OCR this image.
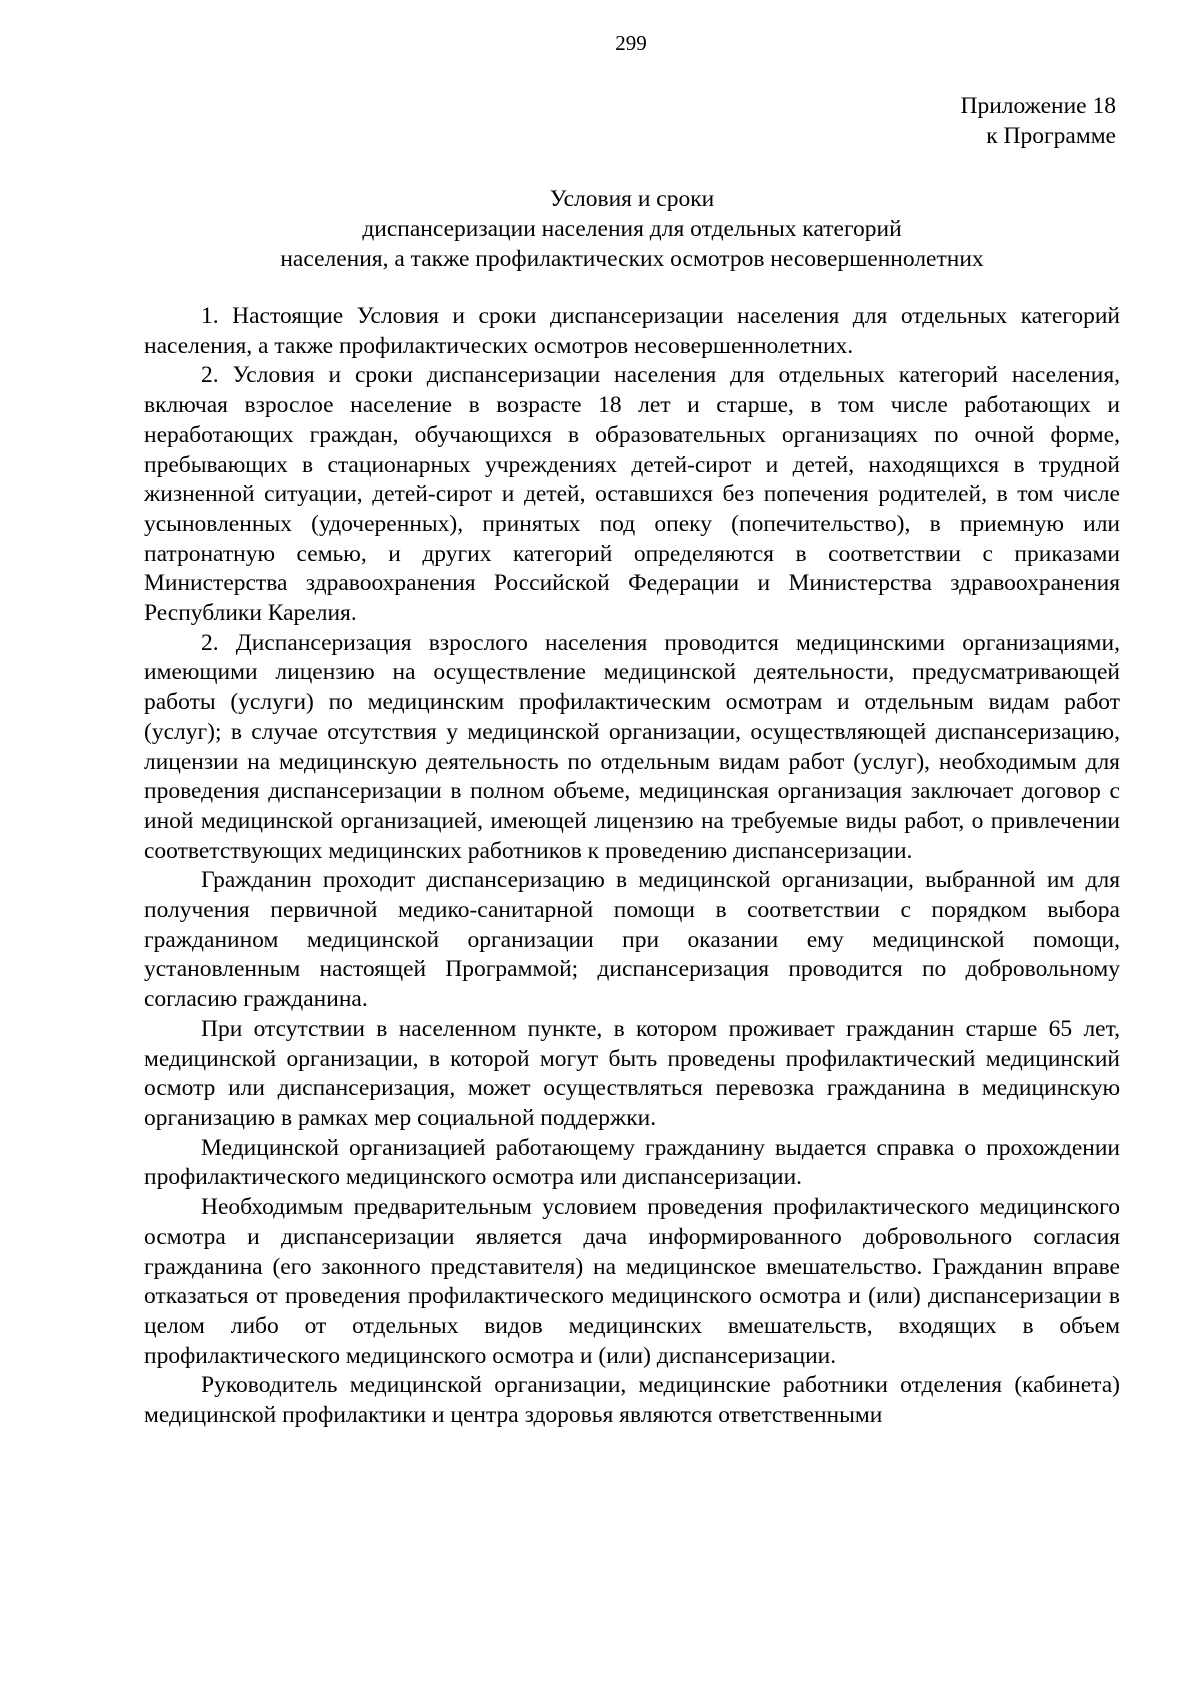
299
Приложение 18
к Программе
Условия и сроки
диспансеризации населения для отдельных категорий
населения, а также профилактических осмотров несовершеннолетних

1. Настоящие Условия и сроки диспансеризации населения для отдельных категорий населения, а также профилактических осмотров несовершеннолетних.

2. Условия и сроки диспансеризации населения для отдельных категорий населения, включая взрослое население в возрасте 18 лет и старше, в том числе работающих и неработающих граждан, обучающихся в образовательных организациях по очной форме, пребывающих в стационарных учреждениях детей-сирот и детей, находящихся в трудной жизненной ситуации, детей-сирот и детей, оставшихся без попечения родителей, в том числе усыновленных (удочеренных), принятых под опеку (попечительство), в приемную или патронатную семью, и других категорий определяются в соответствии с приказами Министерства здравоохранения Российской Федерации и Министерства здравоохранения Республики Карелия.

2. Диспансеризация взрослого населения проводится медицинскими организациями, имеющими лицензию на осуществление медицинской деятельности, предусматривающей работы (услуги) по медицинским профилактическим осмотрам и отдельным видам работ (услуг); в случае отсутствия у медицинской организации, осуществляющей диспансеризацию, лицензии на медицинскую деятельность по отдельным видам работ (услуг), необходимым для проведения диспансеризации в полном объеме, медицинская организация заключает договор с иной медицинской организацией, имеющей лицензию на требуемые виды работ, о привлечении соответствующих медицинских работников к проведению диспансеризации.

Гражданин проходит диспансеризацию в медицинской организации, выбранной им для получения первичной медико-санитарной помощи в соответствии с порядком выбора гражданином медицинской организации при оказании ему медицинской помощи, установленным настоящей Программой; диспансеризация проводится по добровольному согласию гражданина.

При отсутствии в населенном пункте, в котором проживает гражданин старше 65 лет, медицинской организации, в которой могут быть проведены профилактический медицинский осмотр или диспансеризация, может осуществляться перевозка гражданина в медицинскую организацию в рамках мер социальной поддержки.

Медицинской организацией работающему гражданину выдается справка о прохождении профилактического медицинского осмотра или диспансеризации.

Необходимым предварительным условием проведения профилактического медицинского осмотра и диспансеризации является дача информированного добровольного согласия гражданина (его законного представителя) на медицинское вмешательство. Гражданин вправе отказаться от проведения профилактического медицинского осмотра и (или) диспансеризации в целом либо от отдельных видов медицинских вмешательств, входящих в объем профилактического медицинского осмотра и (или) диспансеризации.

Руководитель медицинской организации, медицинские работники отделения (кабинета) медицинской профилактики и центра здоровья являются ответственными
